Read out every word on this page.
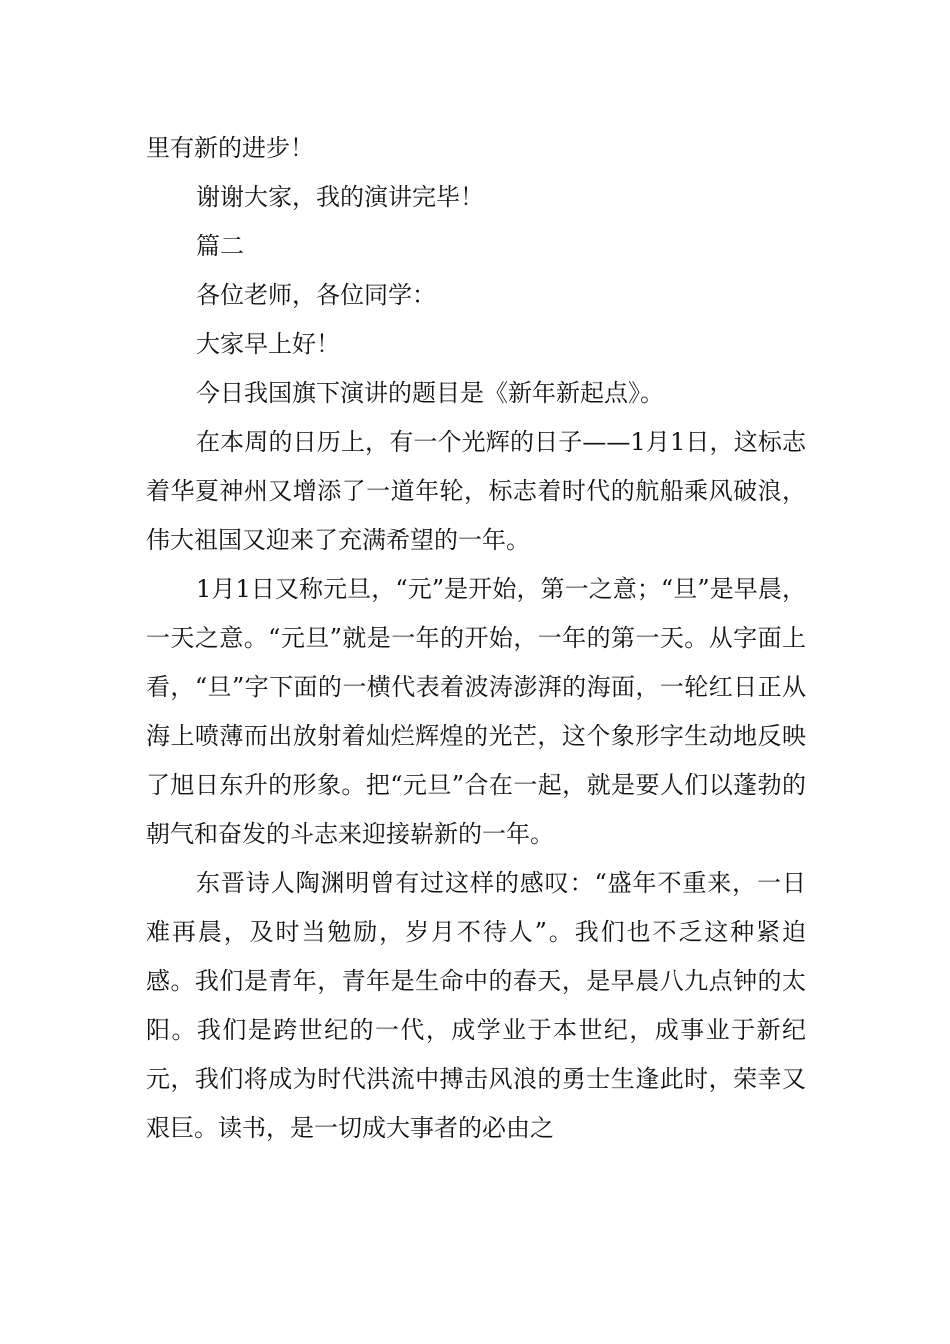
里有新的进步！

谢谢大家，我的演讲完毕！

篇二

各位老师，各位同学：

大家早上好！

今日我国旗下演讲的题目是《新年新起点》。

在本周的日历上，有一个光辉的日子——1月1日，这标志着华夏神州又增添了一道年轮，标志着时代的航船乘风破浪，伟大祖国又迎来了充满希望的一年。

1月1日又称元旦，“元”是开始，第一之意；“旦”是早晨，一天之意。“元旦”就是一年的开始，一年的第一天。从字面上看，“旦”字下面的一横代表着波涛澎湃的海面，一轮红日正从海上喷薄而出放射着灿烂辉煌的光芒，这个象形字生动地反映了旭日东升的形象。把“元旦”合在一起，就是要人们以蓬勃的朝气和奋发的斗志来迎接崭新的一年。

东晋诗人陶渊明曾有过这样的感叹：“盛年不重来，一日难再晨，及时当勉励，岁月不待人”。我们也不乏这种紧迫感。我们是青年，青年是生命中的春天，是早晨八九点钟的太阳。我们是跨世纪的一代，成学业于本世纪，成事业于新纪元，我们将成为时代洪流中搏击风浪的勇士生逢此时，荣幸又艰巨。读书，是一切成大事者的必由之
